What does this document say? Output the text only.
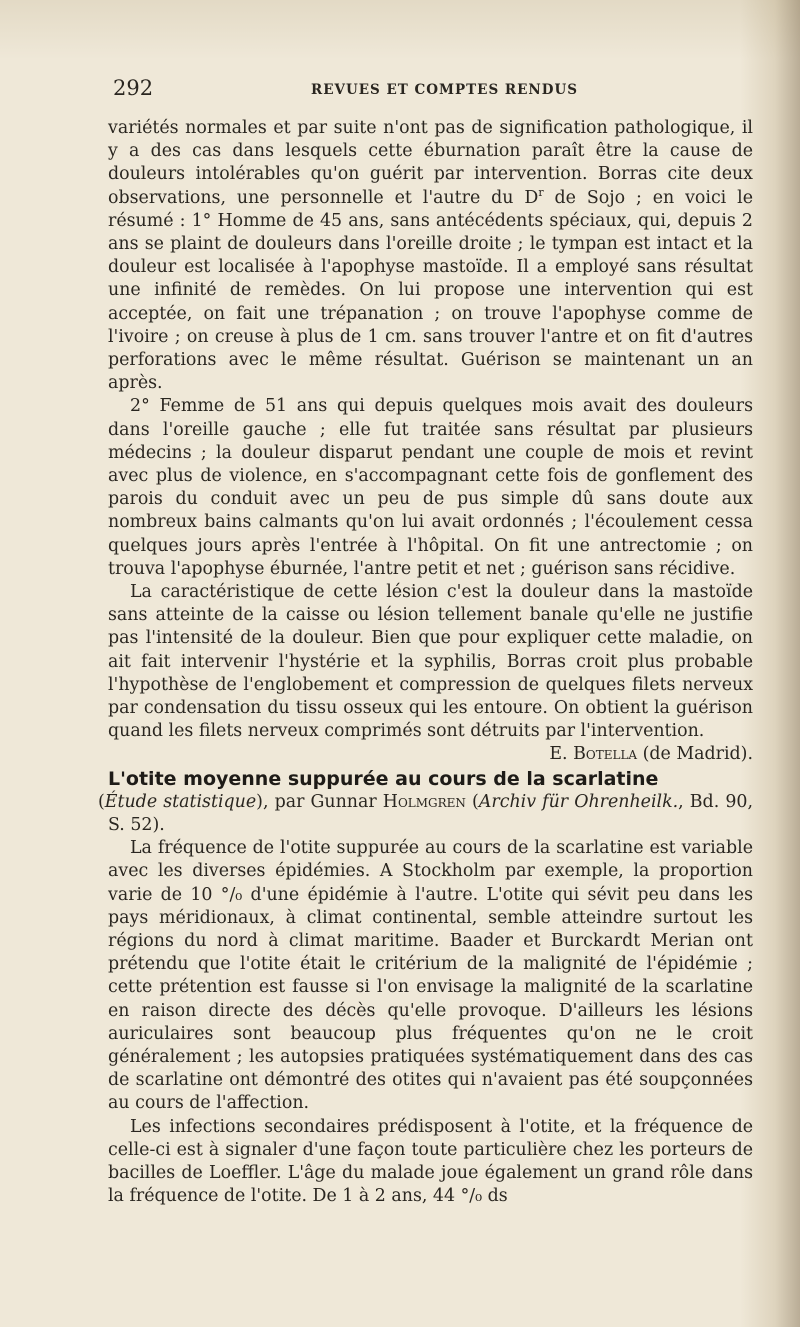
292	REVUES ET COMPTES RENDUS

variétés normales et par suite n'ont pas de signification pathologique, il y a des cas dans lesquels cette éburnation paraît être la cause de douleurs intolérables qu'on guérit par intervention. Borras cite deux observations, une personnelle et l'autre du $D^r$ de Sojo ; en voici le résumé : 1° Homme de 45 ans, sans antécédents spéciaux, qui, depuis 2 ans se plaint de douleurs dans l'oreille droite ; le tympan est intact et la douleur est localisée à l'apophyse mastoïde. Il a employé sans résultat une infinité de remèdes. On lui propose une intervention qui est acceptée, on fait une trépanation ; on trouve l'apophyse comme de l'ivoire ; on creuse à plus de 1 cm. sans trouver l'antre et on fit d'autres perforations avec le même résultat. Guérison se maintenant un an après.

2° Femme de 51 ans qui depuis quelques mois avait des douleurs dans l'oreille gauche ; elle fut traitée sans résultat par plusieurs médecins ; la douleur disparut pendant une couple de mois et revint avec plus de violence, en s'accompagnant cette fois de gonflement des parois du conduit avec un peu de pus simple dû sans doute aux nombreux bains calmants qu'on lui avait ordonnés ; l'écoulement cessa quelques jours après l'entrée à l'hôpital. On fit une antrectomie ; on trouva l'apophyse éburnée, l'antre petit et net ; guérison sans récidive.

La caractéristique de cette lésion c'est la douleur dans la mastoïde sans atteinte de la caisse ou lésion tellement banale qu'elle ne justifie pas l'intensité de la douleur. Bien que pour expliquer cette maladie, on ait fait intervenir l'hystérie et la syphilis, Borras croit plus probable l'hypothèse de l'englobement et compression de quelques filets nerveux par condensation du tissu osseux qui les entoure. On obtient la guérison quand les filets nerveux comprimés sont détruits par l'intervention.

E. Botella (de Madrid).

L'otite moyenne suppurée au cours de la scarlatine

(Étude statistique), par Gunnar Holmgren (Archiv für Ohrenheilk., Bd. 90, S. 52).

La fréquence de l'otite suppurée au cours de la scarlatine est variable avec les diverses épidémies. A Stockholm par exemple, la proportion varie de 10 °/₀ d'une épidémie à l'autre. L'otite qui sévit peu dans les pays méridionaux, à climat continental, semble atteindre surtout les régions du nord à climat maritime. Baader et Burckardt Merian ont prétendu que l'otite était le critérium de la malignité de l'épidémie ; cette prétention est fausse si l'on envisage la malignité de la scarlatine en raison directe des décès qu'elle provoque. D'ailleurs les lésions auriculaires sont beaucoup plus fréquentes qu'on ne le croit généralement ; les autopsies pratiquées systématiquement dans des cas de scarlatine ont démontré des otites qui n'avaient pas été soupçonnées au cours de l'affection.

Les infections secondaires prédisposent à l'otite, et la fréquence de celle-ci est à signaler d'une façon toute particulière chez les porteurs de bacilles de Loeffler. L'âge du malade joue également un grand rôle dans la fréquence de l'otite. De 1 à 2 ans, 44 °/₀ ds
